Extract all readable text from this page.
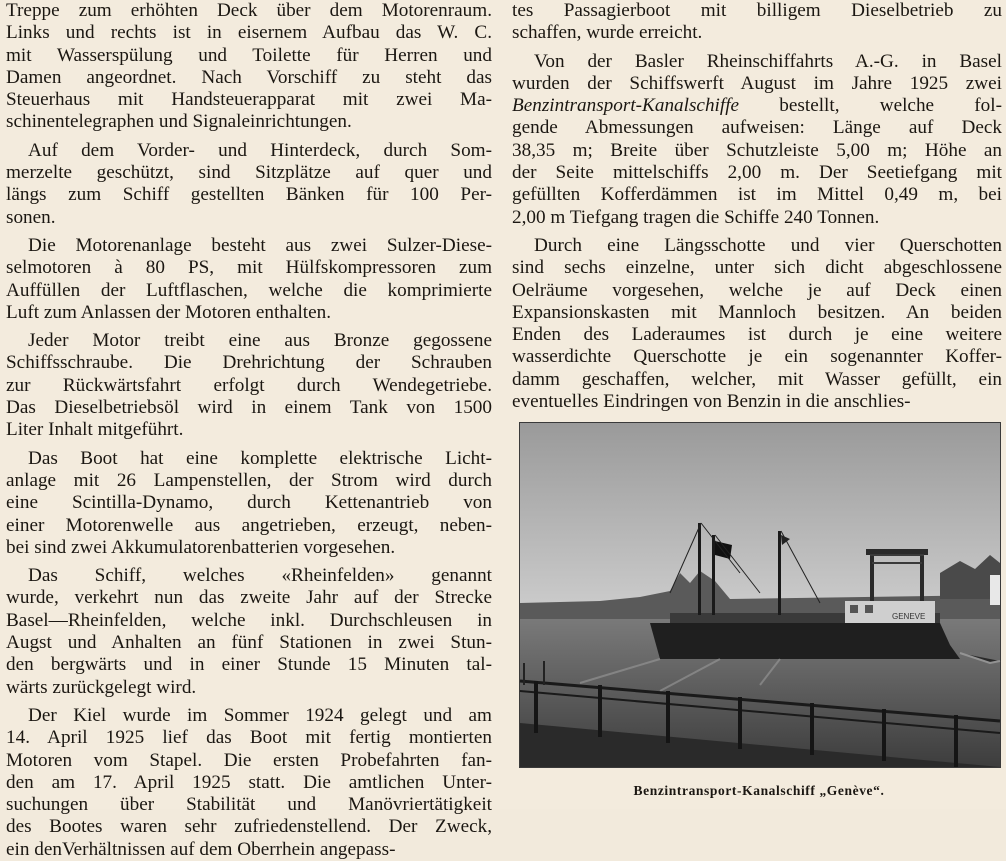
Treppe zum erhöhten Deck über dem Motorenraum.
Links und rechts ist in eisernem Aufbau das W. C.
mit Wasserspülung und Toilette für Herren und
Damen angeordnet. Nach Vorschiff zu steht das
Steuerhaus mit Handsteuerapparat mit zwei Ma-
schinentelegraphen und Signaleinrichtungen.
Auf dem Vorder- und Hinterdeck, durch Som-
merzelte geschützt, sind Sitzplätze auf quer und
längs zum Schiff gestellten Bänken für 100 Per-
sonen.
Die Motorenanlage besteht aus zwei Sulzer-Diese-
selmotoren à 80 PS, mit Hülfskompressoren zum
Auffüllen der Luftflaschen, welche die komprimierte
Luft zum Anlassen der Motoren enthalten.
Jeder Motor treibt eine aus Bronze gegossene
Schiffsschraube. Die Drehrichtung der Schrauben
zur Rückwärtsfahrt erfolgt durch Wendegetriebe.
Das Dieselbetriebsöl wird in einem Tank von 1500
Liter Inhalt mitgeführt.
Das Boot hat eine komplette elektrische Licht-
anlage mit 26 Lampenstellen, der Strom wird durch
eine Scintilla-Dynamo, durch Kettenantrieb von
einer Motorenwelle aus angetrieben, erzeugt, neben-
bei sind zwei Akkumulatorenbatterien vorgesehen.
Das Schiff, welches «Rheinfelden» genannt
wurde, verkehrt nun das zweite Jahr auf der Strecke
Basel—Rheinfelden, welche inkl. Durchschleusen in
Augst und Anhalten an fünf Stationen in zwei Stun-
den bergwärts und in einer Stunde 15 Minuten tal-
wärts zurückgelegt wird.
Der Kiel wurde im Sommer 1924 gelegt und am
14. April 1925 lief das Boot mit fertig montierten
Motoren vom Stapel. Die ersten Probefahrten fan-
den am 17. April 1925 statt. Die amtlichen Unter-
suchungen über Stabilität und Manövriertätigkeit
des Bootes waren sehr zufriedenstellend. Der Zweck,
ein denVerhältnissen auf dem Oberrhein angepass-
tes Passagierboot mit billigem Dieselbetrieb zu
schaffen, wurde erreicht.
Von der Basler Rheinschiffahrts A.-G. in Basel
wurden der Schiffswerft August im Jahre 1925 zwei
Benzintransport-Kanalschiffe bestellt, welche fol-
gende Abmessungen aufweisen: Länge auf Deck
38,35 m; Breite über Schutzleiste 5,00 m; Höhe an
der Seite mittelschiffs 2,00 m. Der Seetiefgang mit
gefüllten Kofferdämmen ist im Mittel 0,49 m, bei
2,00 m Tiefgang tragen die Schiffe 240 Tonnen.
Durch eine Längsschotte und vier Querschotten
sind sechs einzelne, unter sich dicht abgeschlossene
Oelräume vorgesehen, welche je auf Deck einen
Expansionskasten mit Mannloch besitzen. An beiden
Enden des Laderaumes ist durch je eine weitere
wasserdichte Querschotte je ein sogenannter Koffer-
damm geschaffen, welcher, mit Wasser gefüllt, ein
eventuelles Eindringen von Benzin in die anschlies-
GENEVE
Benzintransport-Kanalschiff „Genève“.
